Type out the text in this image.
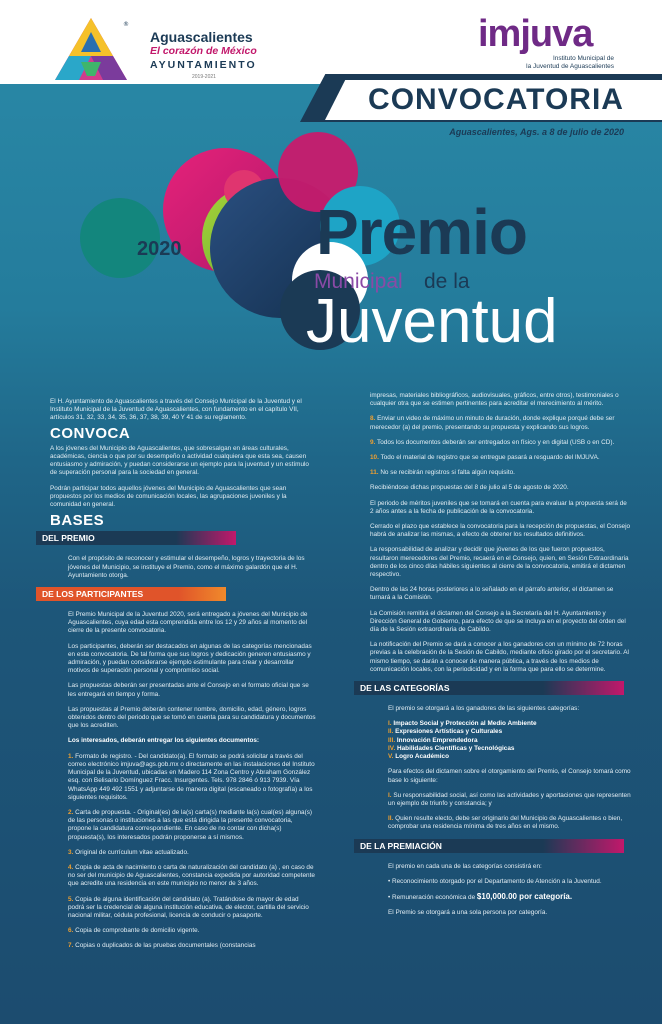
®
Aguascalientes
El corazón de México
AYUNTAMIENTO
2019-2021
imjuva
Instituto Municipal de
la Juventud de Aguascalientes
CONVOCATORIA
Aguascalientes, Ags. a 8 de julio de 2020
2020 Premio
Municipal de la
Juventud

El H. Ayuntamiento de Aguascalientes a través del Consejo Municipal de la Juventud y el Instituto Municipal de la Juventud de Aguascalientes, con fundamento en el capítulo VII, artículos 31, 32, 33, 34, 35, 36, 37, 38, 39, 40 Y 41 de su reglamento.

CONVOCA

A los jóvenes del Municipio de Aguascalientes, que sobresalgan en áreas culturales, académicas, ciencia o que por su desempeño o actividad cualquiera que esta sea, causen entusiasmo y admiración, y puedan considerarse un ejemplo para la juventud y un estímulo de superación personal para la sociedad en general.

Podrán participar todos aquellos jóvenes del Municipio de Aguascalientes que sean propuestos por los medios de comunicación locales, las agrupaciones juveniles y la comunidad en general.

BASES
DEL PREMIO

Con el propósito de reconocer y estimular el desempeño, logros y trayectoria de los jóvenes del Municipio, se instituye el Premio, como el máximo galardón que el H. Ayuntamiento otorga.

DE LOS PARTICIPANTES

El Premio Municipal de la Juventud 2020, será entregado a jóvenes del Municipio de Aguascalientes, cuya edad esta comprendida entre los 12 y 29 años al momento del cierre de la presente convocatoria.

Los participantes, deberán ser destacados en algunas de las categorías mencionadas en esta convocatoria. De tal forma que sus logros y dedicación generen entusiasmo y admiración, y puedan considerarse ejemplo estimulante para crear y desarrollar motivos de superación personal y compromiso social.

Las propuestas deberán ser presentadas ante el Consejo en el formato oficial que se les entregará en tiempo y forma.

Las propuestas al Premio deberán contener nombre, domicilio, edad, género, logros obtenidos dentro del periodo que se tomó en cuenta para su candidatura y documentos que los acrediten.

Los interesados, deberán entregar los siguientes documentos:

1. Formato de registro. - Del candidato(a). El formato se podrá solicitar a través del correo electrónico imjuva@ags.gob.mx o directamente en las instalaciones del Instituto Municipal de la Juventud, ubicadas en Madero 114 Zona Centro y Abraham González esq. con Belisario Domínguez Fracc. Insurgentes. Tels. 978 2846 ó 913 7939. Vía WhatsApp 449 492 1551 y adjuntarse de manera digital (escaneado o fotografía) a los siguientes requisitos.

2. Carta de propuesta. - Original(es) de la(s) carta(s) mediante la(s) cual(es) alguna(s) de las personas o instituciones a las que está dirigida la presente convocatoria, propone la candidatura correspondiente. En caso de no contar con dicha(s) propuesta(s), los interesados podrán proponerse a sí mismos.

3. Original de currículum vitae actualizado.

4. Copia de acta de nacimiento o carta de naturalización del candidato (a) , en caso de no ser del municipio de Aguascalientes, constancia expedida por autoridad competente que acredite una residencia en este municipio no menor de 3 años.

5. Copia de alguna identificación del candidato (a). Tratándose de mayor de edad podrá ser la credencial de alguna institución educativa, de elector, cartilla del servicio nacional militar, cédula profesional, licencia de conducir o pasaporte.

6. Copia de comprobante de domicilio vigente.

7. Copias o duplicados de las pruebas documentales (constancias

impresas, materiales bibliográficos, audiovisuales, gráficos, entre otros), testimoniales o cualquier otra que se estimen pertinentes para acreditar el merecimiento al mérito.

8. Enviar un video de máximo un minuto de duración, donde explique porqué debe ser merecedor (a) del premio, presentando su propuesta y explicando sus logros.

9. Todos los documentos deberán ser entregados en físico y en digital (USB o en CD).

10. Todo el material de registro que se entregue pasará a resguardo del IMJUVA.

11. No se recibirán registros si falta algún requisito.

Recibiéndose dichas propuestas del 8 de julio al 5 de agosto de 2020.

El periodo de méritos juveniles que se tomará en cuenta para evaluar la propuesta será de 2 años antes a la fecha de publicación de la convocatoria.

Cerrado el plazo que establece la convocatoria para la recepción de propuestas, el Consejo habrá de analizar las mismas, a efecto de obtener los resultados definitivos.

La responsabilidad de analizar y decidir que jóvenes de los que fueron propuestos, resultaron merecedores del Premio, recaerá en el Consejo, quien, en Sesión Extraordinaria dentro de los cinco días hábiles siguientes al cierre de la convocatoria, emitirá el dictamen respectivo.

Dentro de las 24 horas posteriores a lo señalado en el párrafo anterior, el dictamen se turnará a la Comisión.

La Comisión remitirá el dictamen del Consejo a la Secretaría del H. Ayuntamiento y Dirección General de Gobierno, para efecto de que se incluya en el proyecto del orden del día de la Sesión extraordinaria de Cabildo.

La notificación del Premio se dará a conocer a los ganadores con un mínimo de 72 horas previas a la celebración de la Sesión de Cabildo, mediante oficio girado por el secretario. Al mismo tiempo, se darán a conocer de manera pública, a través de los medios de comunicación locales, con la periodicidad y en la forma que para ello se determine.

DE LAS CATEGORÍAS

El premio se otorgará a los ganadores de las siguientes categorías:

I. Impacto Social y Protección al Medio Ambiente

II. Expresiones Artísticas y Culturales

III. Innovación Emprendedora

IV. Habilidades Científicas y Tecnológicas

V. Logro Académico

Para efectos del dictamen sobre el otorgamiento del Premio, el Consejo tomará como base lo siguiente:

I. Su responsabilidad social, así como las actividades y aportaciones que representen un ejemplo de triunfo y constancia; y

II. Quien resulte electo, debe ser originario del Municipio de Aguascalientes o bien, comprobar una residencia mínima de tres años en el mismo.

DE LA PREMIACIÓN

El premio en cada una de las categorías consistirá en:

• Reconocimiento otorgado por el Departamento de Atención a la Juventud.

• Remuneración económica de $10,000.00 por categoría.

El Premio se otorgará a una sola persona por categoría.
